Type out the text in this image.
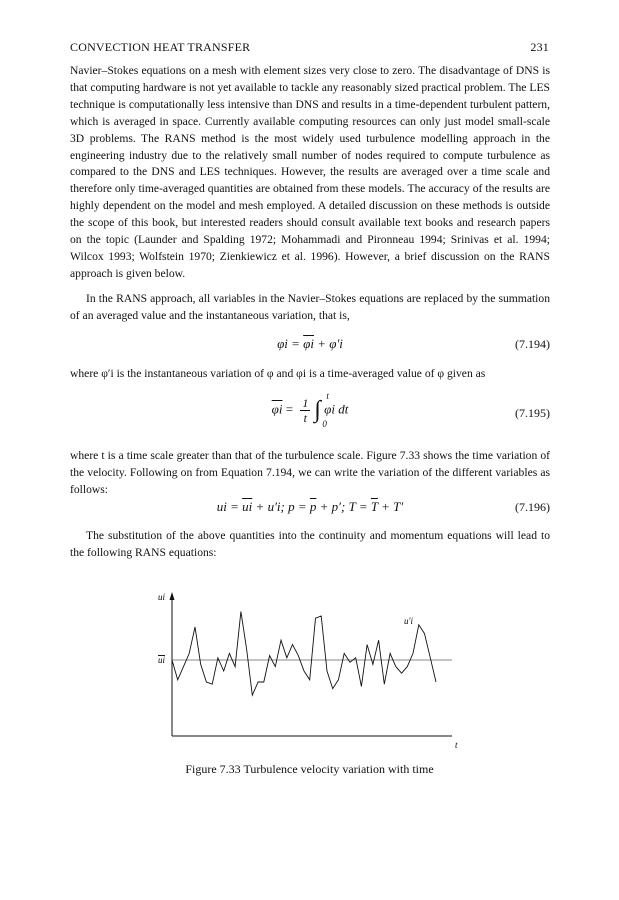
CONVECTION HEAT TRANSFER	231

Navier–Stokes equations on a mesh with element sizes very close to zero. The disadvantage of DNS is that computing hardware is not yet available to tackle any reasonably sized practical problem. The LES technique is computationally less intensive than DNS and results in a time-dependent turbulent pattern, which is averaged in space. Currently available computing resources can only just model small-scale 3D problems. The RANS method is the most widely used turbulence modelling approach in the engineering industry due to the relatively small number of nodes required to compute turbulence as compared to the DNS and LES techniques. However, the results are averaged over a time scale and therefore only time-averaged quantities are obtained from these models. The accuracy of the results are highly dependent on the model and mesh employed. A detailed discussion on these methods is outside the scope of this book, but interested readers should consult available text books and research papers on the topic (Launder and Spalding 1972; Mohammadi and Pironneau 1994; Srinivas et al. 1994; Wilcox 1993; Wolfstein 1970; Zienkiewicz et al. 1996). However, a brief discussion on the RANS approach is given below.

In the RANS approach, all variables in the Navier–Stokes equations are replaced by the summation of an averaged value and the instantaneous variation, that is,

$\varphi i = \overline{\varphi i} + \varphi'i$	(7.194)

where φ′i is the instantaneous variation of φ and φi is a time-averaged value of φ given as

$\overline{\varphi i} = \frac{1}{t}$ ∫
t
0
φi dt	(7.195)

where t is a time scale greater than that of the turbulence scale. Figure 7.33 shows the time variation of the velocity. Following on from Equation 7.194, we can write the variation of the different variables as follows:

ui = $\overline{ui} + u'i$; $p = \overline{p} + p'$; $T = \overline{T} + T'$	(7.196)

The substitution of the above quantities into the continuity and momentum equations will lead to the following RANS equations:

ui
ui
u′i
t
Figure 7.33 Turbulence velocity variation with time
